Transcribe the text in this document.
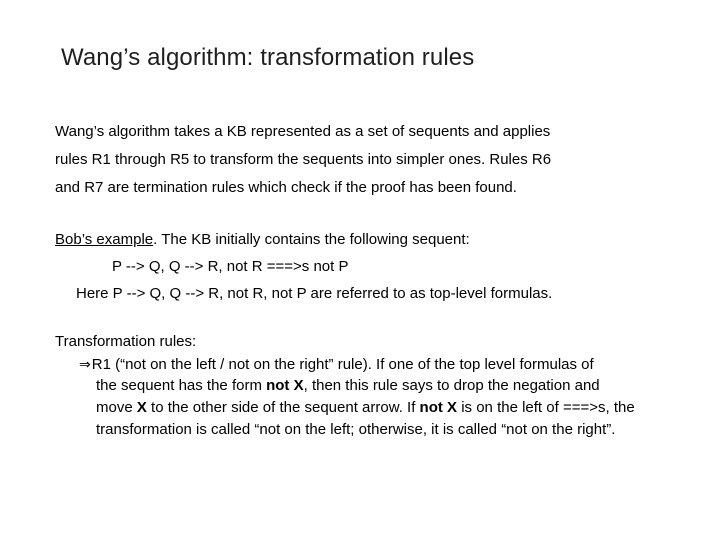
Wang’s algorithm: transformation rules
Wang’s algorithm takes a KB represented as a set of sequents and applies
rules R1 through R5 to transform the sequents into simpler ones. Rules R6
and R7 are termination rules which check if the proof has been found.
Bob’s example. The KB initially contains the following sequent:
P --> Q, Q --> R, not R ===>s not P
Here P --> Q, Q --> R, not R, not P are referred to as top-level formulas.
Transformation rules:
⇒R1 (“not on the left / not on the right” rule). If one of the top level formulas of
the sequent has the form not X, then this rule says to drop the negation and
move X to the other side of the sequent arrow. If not X is on the left of ===>s, the
transformation is called “not on the left; otherwise, it is called “not on the right”.
